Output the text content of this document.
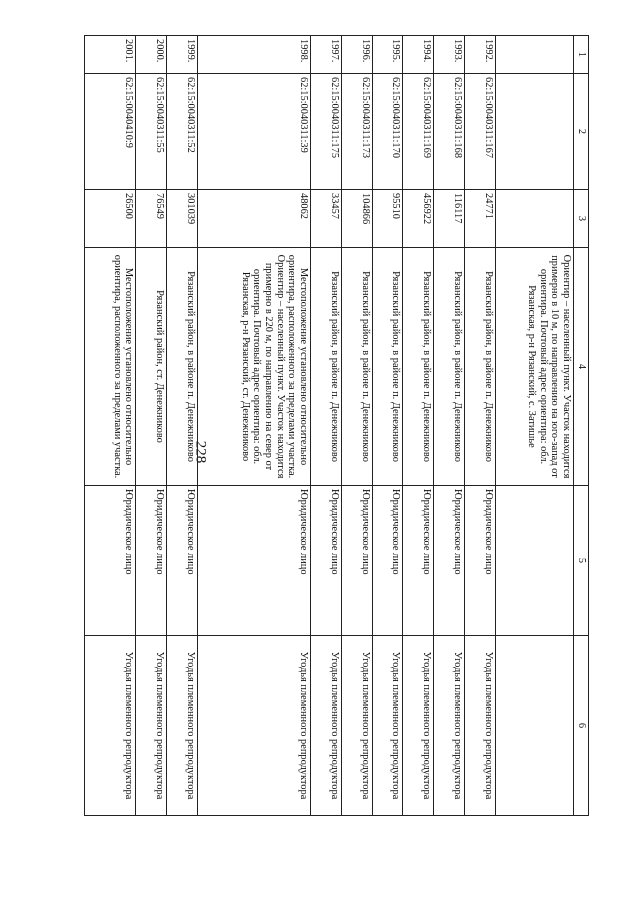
228
1	2	3	4	5	6
			Ориентир – населенный пункт. Участок находится примерно в 10 м, по направлению на юго-запад от ориентира. Почтовый адрес ориентира: обл. Рязанская, р-н Рязанский, с. Затишье		
1992.	62:15:0040311:167	24771	Рязанский район, в районе п. Денежниково	Юридическое лицо	Угодья племенного репродуктора
1993.	62:15:0040311:168	116117	Рязанский район, в районе п. Денежниково	Юридическое лицо	Угодья племенного репродуктора
1994.	62:15:0040311:169	456922	Рязанский район, в районе п. Денежниково	Юридическое лицо	Угодья племенного репродуктора
1995.	62:15:0040311:170	95510	Рязанский район, в районе п. Денежниково	Юридическое лицо	Угодья племенного репродуктора
1996.	62:15:0040311:173	104866	Рязанский район, в районе п. Денежниково	Юридическое лицо	Угодья племенного репродуктора
1997.	62:15:0040311:175	33457	Рязанский район, в районе п. Денежниково	Юридическое лицо	Угодья племенного репродуктора
1998.	62:15:0040311:39	48062	Местоположение установлено относительно ориентира, расположенного за пределами участка. Ориентир – населенный пункт. Участок находится примерно в 220 м, по направлению на север от ориентира. Почтовый адрес ориентира: обл. Рязанская, р-н Рязанский, ст. Денежниково	Юридическое лицо	Угодья племенного репродуктора
1999.	62:15:0040311:52	301039	Рязанский район, в районе п. Денежниково	Юридическое лицо	Угодья племенного репродуктора
2000.	62:15:0040311:55	76549	Рязанский район, ст. Денежниково	Юридическое лицо	Угодья племенного репродуктора
2001.	62:15:0040410:9	26500	Местоположение установлено относительно ориентира, расположенного за пределами участка.	Юридическое лицо	Угодья племенного репродуктора
